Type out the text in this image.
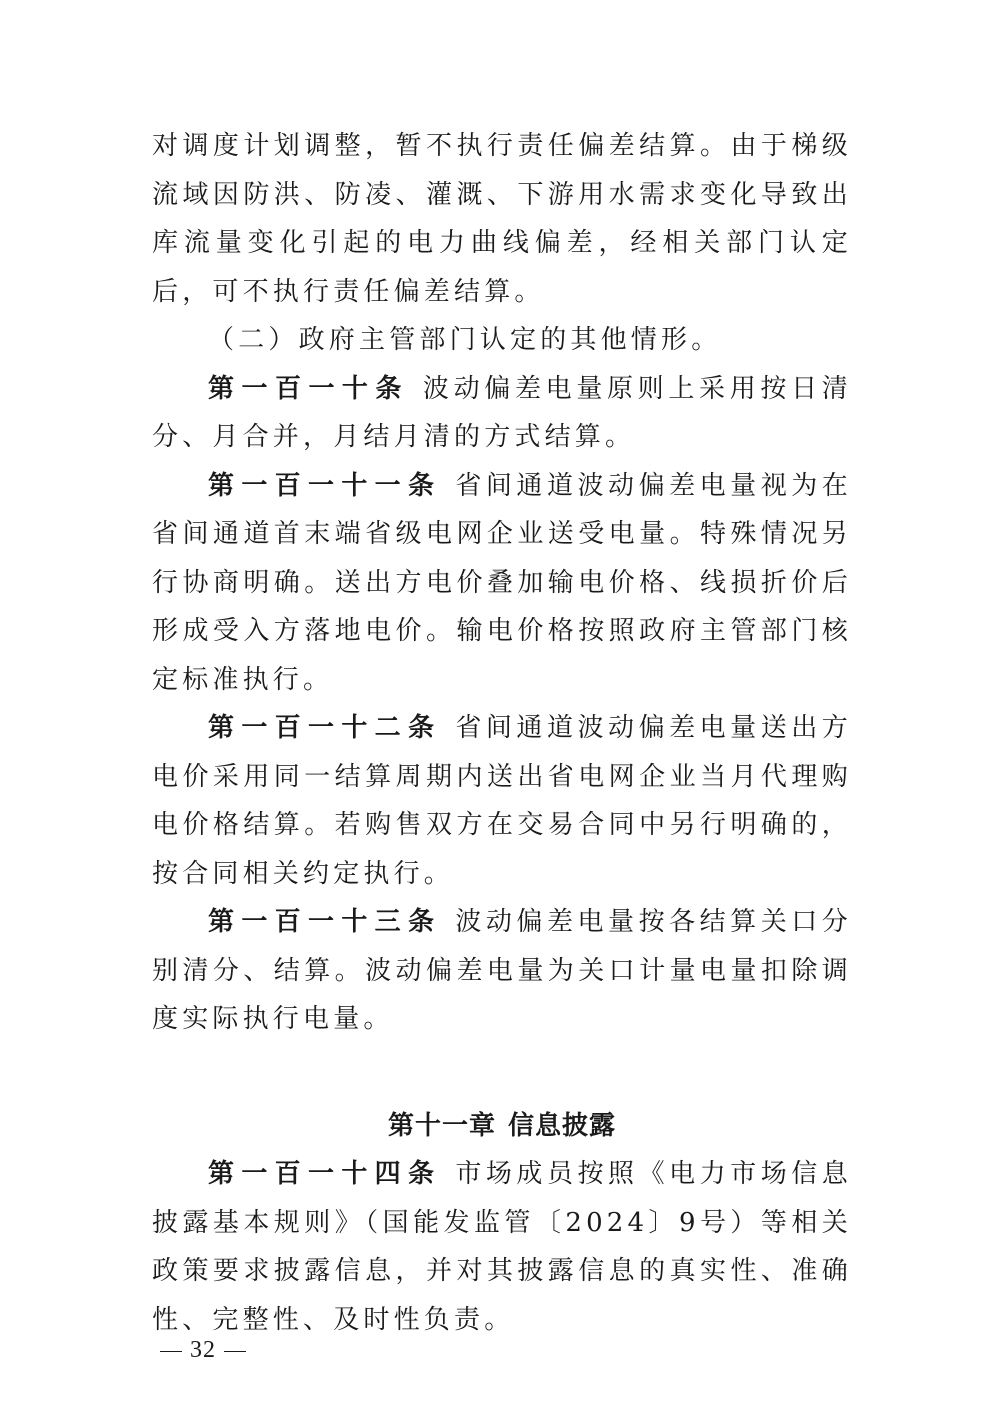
对调度计划调整，暂不执行责任偏差结算。由于梯级流域因防洪、防凌、灌溉、下游用水需求变化导致出库流量变化引起的电力曲线偏差，经相关部门认定后，可不执行责任偏差结算。

（二）政府主管部门认定的其他情形。

第一百一十条 波动偏差电量原则上采用按日清分、月合并，月结月清的方式结算。

第一百一十一条 省间通道波动偏差电量视为在省间通道首末端省级电网企业送受电量。特殊情况另行协商明确。送出方电价叠加输电价格、线损折价后形成受入方落地电价。输电价格按照政府主管部门核定标准执行。

第一百一十二条 省间通道波动偏差电量送出方电价采用同一结算周期内送出省电网企业当月代理购电价格结算。若购售双方在交易合同中另行明确的，按合同相关约定执行。

第一百一十三条 波动偏差电量按各结算关口分别清分、结算。波动偏差电量为关口计量电量扣除调度实际执行电量。

第十一章 信息披露

第一百一十四条 市场成员按照《电力市场信息披露基本规则》（国能发监管〔2024〕9号）等相关政策要求披露信息，并对其披露信息的真实性、准确性、完整性、及时性负责。

32
